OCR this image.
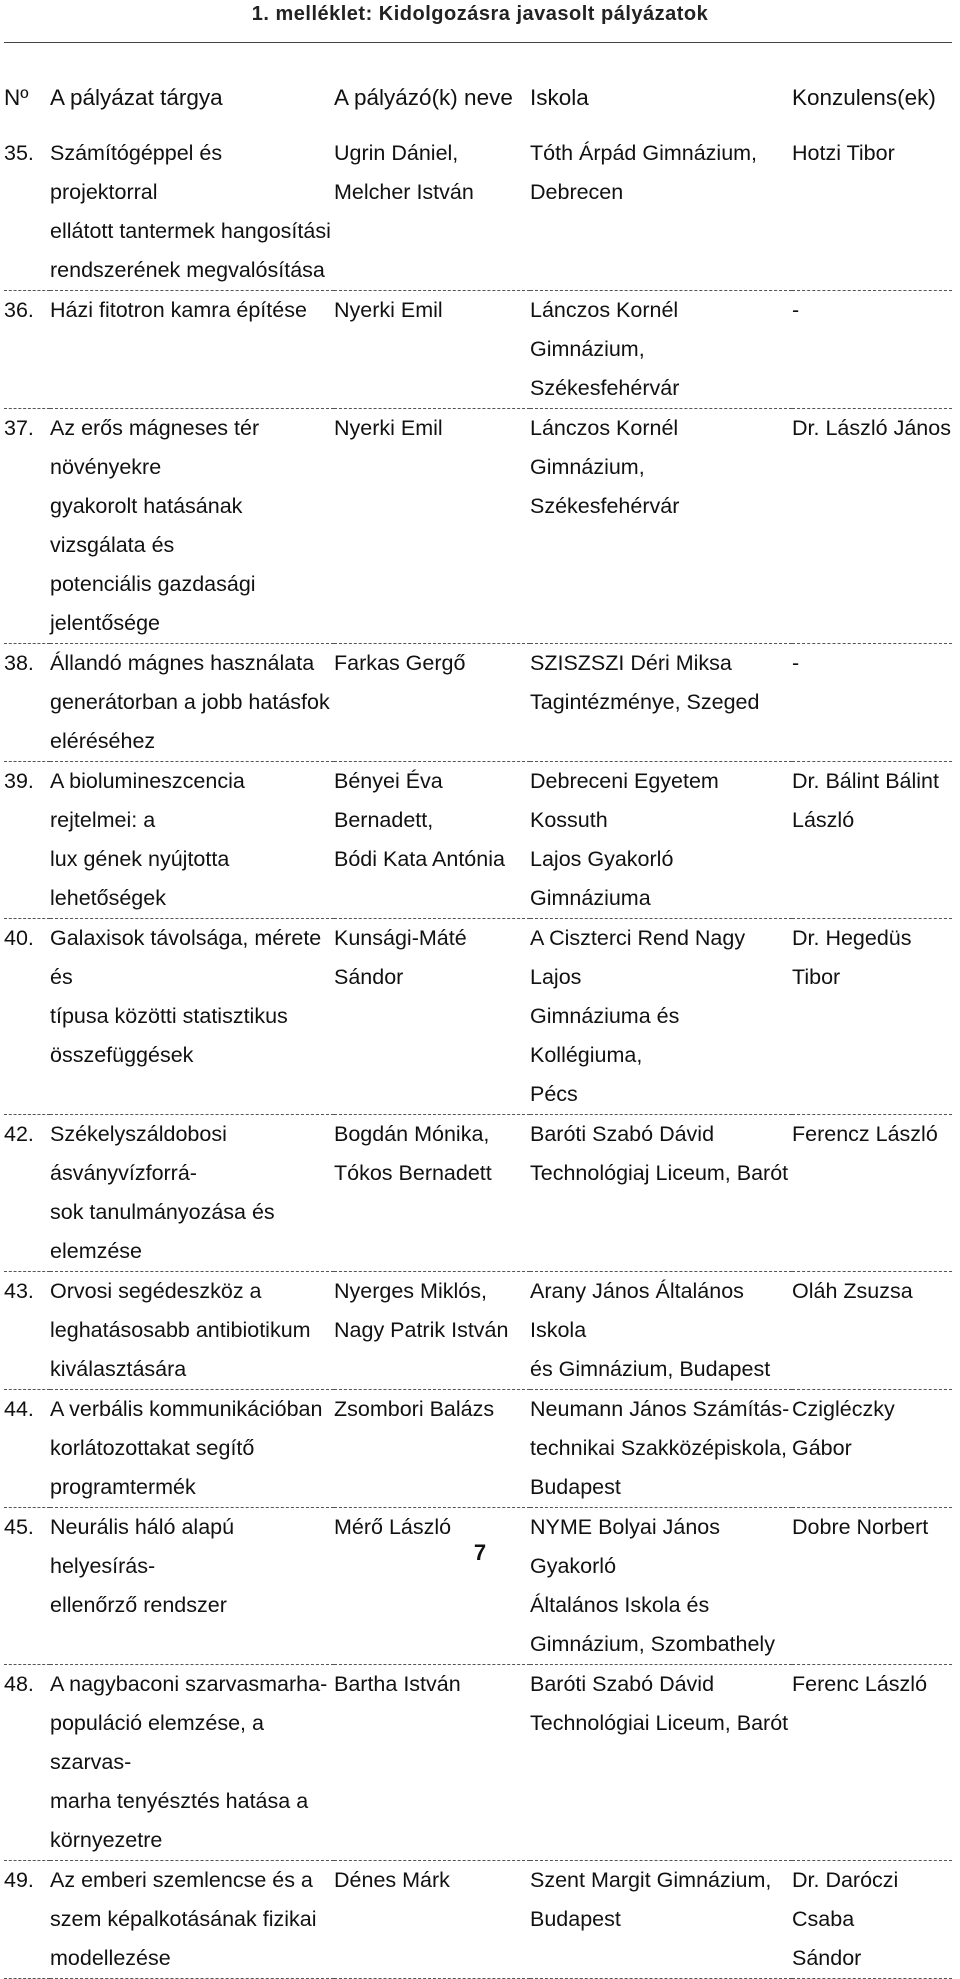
1. melléklet: Kidolgozásra javasolt pályázatok
Nº	A pályázat tárgya	A pályázó(k) neve	Iskola	Konzulens(ek)

35.	Számítógéppel és projektorral
ellátott tantermek hangosítási
rendszerének megvalósítása	Ugrin Dániel,
Melcher István	Tóth Árpád Gimnázium,
Debrecen	Hotzi Tibor

36.	Házi fitotron kamra építése	Nyerki Emil	Lánczos Kornél Gimnázium,
Székesfehérvár	-

37.	Az erős mágneses tér növényekre
gyakorolt hatásának vizsgálata és
potenciális gazdasági jelentősége	Nyerki Emil	Lánczos Kornél Gimnázium,
Székesfehérvár	Dr. László János

38.	Állandó mágnes használata
generátorban a jobb hatásfok
eléréséhez	Farkas Gergő	SZISZSZI Déri Miksa
Tagintézménye, Szeged	-

39.	A biolumineszcencia rejtelmei: a
lux gének nyújtotta lehetőségek	Bényei Éva
Bernadett,
Bódi Kata Antónia	Debreceni Egyetem Kossuth
Lajos Gyakorló Gimnáziuma	Dr. Bálint Bálint
László

40.	Galaxisok távolsága, mérete és
típusa közötti statisztikus
összefüggések	Kunsági-Máté Sándor	A Ciszterci Rend Nagy Lajos
Gimnáziuma és Kollégiuma,
Pécs	Dr. Hegedüs Tibor

42.	Székelyszáldobosi ásványvízforrá-
sok tanulmányozása és elemzése	Bogdán Mónika,
Tókos Bernadett	Baróti Szabó Dávid
Technológiaj Liceum, Barót	Ferencz László

43.	Orvosi segédeszköz a
leghatásosabb antibiotikum
kiválasztására	Nyerges Miklós,
Nagy Patrik István	Arany János Általános Iskola
és Gimnázium, Budapest	Oláh Zsuzsa

44.	A verbális kommunikációban
korlátozottakat segítő
programtermék	Zsombori Balázs	Neumann János Számítás-
technikai Szakközépiskola,
Budapest	Czigléczky Gábor

45.	Neurális háló alapú helyesírás-
ellenőrző rendszer	Mérő László	NYME Bolyai János Gyakorló
Általános Iskola és
Gimnázium, Szombathely	Dobre Norbert

48.	A nagybaconi szarvasmarha-
populáció elemzése, a szarvas-
marha tenyésztés hatása a
környezetre	Bartha István	Baróti Szabó Dávid
Technológiai Liceum, Barót	Ferenc László

49.	Az emberi szemlencse és a
szem képalkotásának fizikai
modellezése	Dénes Márk	Szent Margit Gimnázium,
Budapest	Dr. Daróczi Csaba
Sándor
7
